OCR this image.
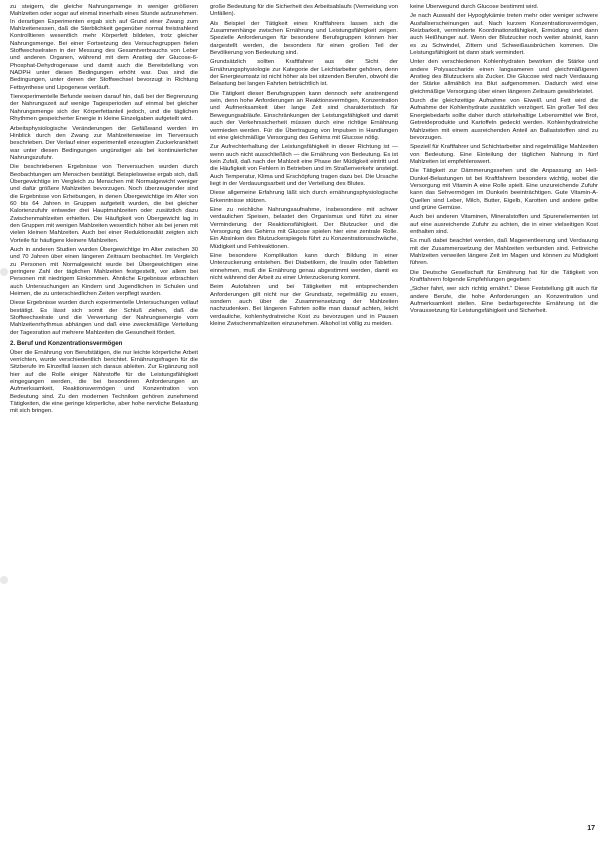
zu steigern, die gleiche Nahrungsmenge in weniger größeren Mahlzeiten oder sogar auf einmal innerhalb eines Stunde aufzunehmen. In derartigen Experimenten ergab sich auf Grund einer Zwang zum Mahlzeitenessen, daß die Sterblichkeit gegenüber normal freistrahlend Kontrolltieren wesentlich mehr Körperfett bildeten, trotz gleicher Nahrungsmenge. Bei einer Fortsetzung des Versuchsgruppen fielen Stoffwechselraten in der Messung des Gesamtverbrauchs von Leber und anderen Organen, während mit dem Anstieg der Glucose-6-Phosphat-Dehydrogenase und damit auch die Bereitstellung von NADPH unter diesen Bedingungen erhöht war. Das sind die Bedingungen, unter denen der Stoffwechsel bevorzugt in Richtung Fettsynthese und Lipogenese verläuft.

Tierexperimentelle Befunde weisen darauf hin, daß bei der Begrenzung der Nahrungszeit auf wenige Tagesperioden auf einmal bei gleicher Nahrungsmenge sich der Körperfettanteil jedoch, und die täglichen Rhythmen gespeicherter Energie in kleine Einzelgaben aufgeteilt wird.

Arbeitsphysiologische Veränderungen der Gefäßwand werden im Hinblick durch den Zwang zur Mahlzeitenweise im Tierversuch beschrieben. Der Verlauf einer experimentell erzeugten Zuckerkrankheit war unter diesen Bedingungen ungünstiger als bei kontinuierlicher Nahrungszufuhr.

Die beschriebenen Ergebnisse von Tierversuchen wurden durch Beobachtungen am Menschen bestätigt. Beispielsweise ergab sich, daß Übergewichtige im Vergleich zu Menschen mit Normalgewicht weniger und dafür größere Mahlzeiten bevorzugen. Noch überzeugender sind die Ergebnisse von Erhebungen, in denen Übergewichtige im Alter von 60 bis 64 Jahren in Gruppen aufgeteilt wurden, die bei gleicher Kalorienzufuhr entweder drei Hauptmahlzeiten oder zusätzlich dazu Zwischenmahlzeiten erhielten. Die Häufigkeit von Übergewicht lag in den Gruppen mit wenigen Mahlzeiten wesentlich höher als bei jenen mit vielen kleinen Mahlzeiten. Auch bei einer Reduktionsdiät zeigten sich Vorteile für häufigere kleinere Mahlzeiten.

Auch in anderen Studien wurden Übergewichtige im Alter zwischen 30 und 70 Jahren über einen längeren Zeitraum beobachtet. Im Vergleich zu Personen mit Normalgewicht wurde bei Übergewichtigen eine geringere Zahl der täglichen Mahlzeiten festgestellt, vor allem bei Personen mit niedrigem Einkommen. Ähnliche Ergebnisse erbrachten auch Untersuchungen an Kindern und Jugendlichen in Schulen und Heimen, die zu unterschiedlichen Zeiten verpflegt wurden.

Diese Ergebnisse wurden durch experimentelle Untersuchungen vollauf bestätigt. Es lässt sich somit der Schluß ziehen, daß die Stoffwechselrate und die Verwertung der Nahrungsenergie vom Mahlzeitenrhythmus abhängen und daß eine zweckmäßige Verteilung der Tagesration auf mehrere Mahlzeiten die Gesundheit fördert.

2. Beruf und Konzentrationsvermögen

Über die Ernährung von Berufstätigen, die nur leichte körperliche Arbeit verrichten, wurde verschiedentlich berichtet. Ernährungsfragen für die Sitzberufe im Einzelfall lassen sich daraus ableiten. Zur Ergänzung soll hier auf die Rolle einiger Nährstoffe für die Leistungsfähigkeit eingegangen werden, die bei besonderen Anforderungen an Aufmerksamkeit, Reaktionsvermögen und Konzentration von Bedeutung sind. Zu den modernen Techniken gehören zunehmend Tätigkeiten, die eine geringe körperliche, aber hohe nervliche Belastung mit sich bringen.

große Bedeutung für die Sicherheit des Arbeitsablaufs (Vermeidung von Unfällen).

Als Beispiel der Tätigkeit eines Kraftfahrers lassen sich die Zusammenhänge zwischen Ernährung und Leistungsfähigkeit zeigen. Spezielle Anforderungen für besondere Berufsgruppen können hier dargestellt werden, die besonders für einen großen Teil der Bevölkerung von Bedeutung sind.

Grundsätzlich sollten Kraftfahrer aus der Sicht der Ernährungsphysiologie zur Kategorie der Leichtarbeiter gehören, denn der Energieumsatz ist nicht höher als bei sitzenden Berufen, obwohl die Belastung bei langen Fahrten beträchtlich ist.

Die Tätigkeit dieser Berufsgruppen kann dennoch sehr anstrengend sein, denn hohe Anforderungen an Reaktionsvermögen, Konzentration und Aufmerksamkeit über lange Zeit sind charakteristisch für Bewegungsabläufe. Einschränkungen der Leistungsfähigkeit und damit auch der Verkehrssicherheit müssen durch eine richtige Ernährung vermieden werden. Für die Übertragung von Impulsen in Handlungen ist eine gleichmäßige Versorgung des Gehirns mit Glucose nötig.

Zur Aufrechterhaltung der Leistungsfähigkeit in dieser Richtung ist — wenn auch nicht ausschließlich — die Ernährung von Bedeutung. Es ist kein Zufall, daß nach der Mahlzeit eine Phase der Müdigkeit eintritt und die Häufigkeit von Fehlern in Betrieben und im Straßenverkehr ansteigt. Auch Temperatur, Klima und Erschöpfung tragen dazu bei. Die Ursache liegt in der Verdauungsarbeit und der Verteilung des Blutes.

Diese allgemeine Erfahrung läßt sich durch ernährungsphysiologische Erkenntnisse stützen.

Eine zu reichliche Nahrungsaufnahme, insbesondere mit schwer verdaulichen Speisen, belastet den Organismus und führt zu einer Verminderung der Reaktionsfähigkeit. Der Blutzucker und die Versorgung des Gehirns mit Glucose spielen hier eine zentrale Rolle. Ein Absinken des Blutzuckerspiegels führt zu Konzentrationsschwäche, Müdigkeit und Fehlreaktionen.

Eine besondere Komplikation kann durch Bildung in einer Unterzuckerung entstehen. Bei Diabetikern, die Insulin oder Tabletten einnehmen, muß die Ernährung genau abgestimmt werden, damit es nicht während der Arbeit zu einer Unterzuckerung kommt.

Beim Autofahren und bei Tätigkeiten mit entsprechenden Anforderungen gilt nicht nur der Grundsatz, regelmäßig zu essen, sondern auch über die Zusammensetzung der Mahlzeiten nachzudenken. Bei längeren Fahrten sollte man darauf achten, leicht verdauliche, kohlenhydratreiche Kost zu bevorzugen und in Pausen kleine Zwischenmahlzeiten einzunehmen. Alkohol ist völlig zu meiden.

keine Überwegund durch Glucose bestimmt wird.

Je nach Auswahl der Hypoglykämie treten mehr oder weniger schwere Ausfallserscheinungen auf. Nach kurzem Konzentrationsvermögen, Reizbarkeit, verminderte Koordinationsfähigkeit, Ermüdung und dann auch Heißhunger auf. Wenn der Blutzucker noch weiter absinkt, kann es zu Schwindel, Zittern und Schweißausbrüchen kommen. Die Leistungsfähigkeit ist dann stark vermindert.

Unter den verschiedenen Kohlenhydraten bewirken die Stärke und andere Polysaccharide einen langsameren und gleichmäßigeren Anstieg des Blutzuckers als Zucker. Die Glucose wird nach Verdauung der Stärke allmählich ins Blut aufgenommen. Dadurch wird eine gleichmäßige Versorgung über einen längeren Zeitraum gewährleistet.

Durch die gleichzeitige Aufnahme von Eiweiß und Fett wird die Aufnahme der Kohlenhydrate zusätzlich verzögert. Ein großer Teil des Energiebedarfs sollte daher durch stärkehaltige Lebensmittel wie Brot, Getreideprodukte und Kartoffeln gedeckt werden. Kohlenhydratreiche Mahlzeiten mit einem ausreichenden Anteil an Ballaststoffen sind zu bevorzugen.

Speziell für Kraftfahrer und Schichtarbeiter sind regelmäßige Mahlzeiten von Bedeutung. Eine Einteilung der täglichen Nahrung in fünf Mahlzeiten ist empfehlenswert.

Die Tätigkeit zur Dämmerungssehen und die Anpassung an Hell-Dunkel-Belastungen ist bei Kraftfahrern besonders wichtig, wobei die Versorgung mit Vitamin A eine Rolle spielt. Eine unzureichende Zufuhr kann das Sehvermögen im Dunkeln beeinträchtigen. Gute Vitamin-A-Quellen sind Leber, Milch, Butter, Eigelb, Karotten und andere gelbe und grüne Gemüse.

Auch bei anderen Vitaminen, Mineralstoffen und Spurenelementen ist auf eine ausreichende Zufuhr zu achten, die in einer vielseitigen Kost enthalten sind.

Es muß dabei beachtet werden, daß Magenentleerung und Verdauung mit der Zusammensetzung der Mahlzeiten verbunden sind. Fettreiche Mahlzeiten verweilen längere Zeit im Magen und können zu Müdigkeit führen.

Die Deutsche Gesellschaft für Ernährung hat für die Tätigkeit von Kraftfahrern folgende Empfehlungen gegeben:

„Sicher fahrt, wer sich richtig ernährt.“ Diese Feststellung gilt auch für andere Berufe, die hohe Anforderungen an Konzentration und Aufmerksamkeit stellen. Eine bedarfsgerechte Ernährung ist die Voraussetzung für Leistungsfähigkeit und Sicherheit.

17
